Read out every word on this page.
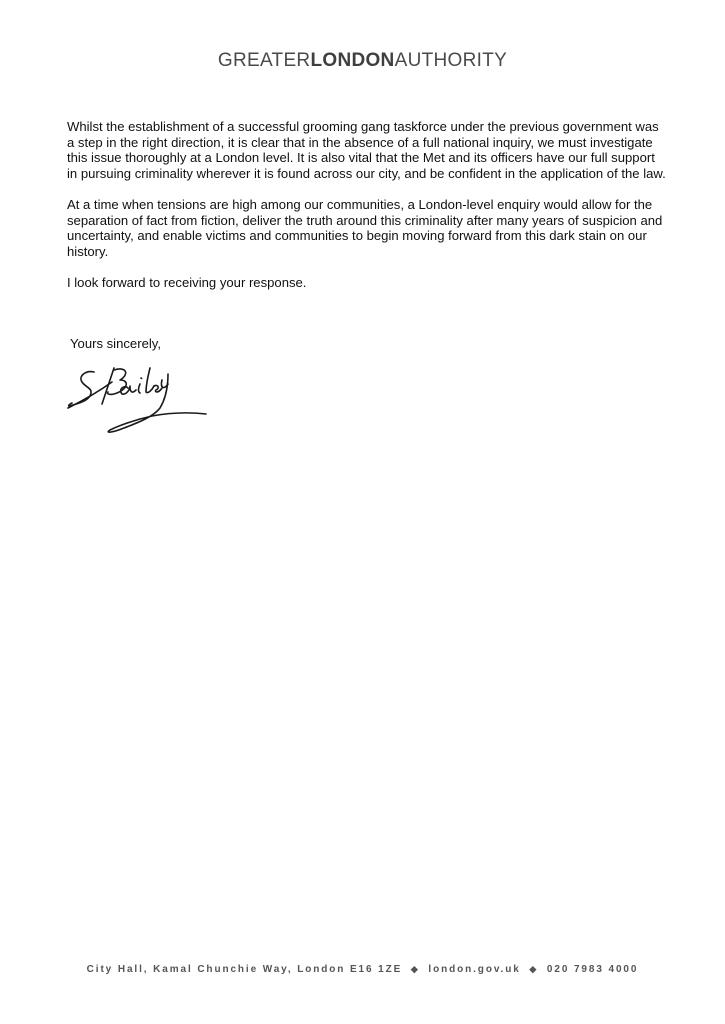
GREATERLONDONAUTHORITY

Whilst the establishment of a successful grooming gang taskforce under the previous government was a step in the right direction, it is clear that in the absence of a full national inquiry, we must investigate this issue thoroughly at a London level. It is also vital that the Met and its officers have our full support in pursuing criminality wherever it is found across our city, and be confident in the application of the law.

At a time when tensions are high among our communities, a London-level enquiry would allow for the separation of fact from fiction, deliver the truth around this criminality after many years of suspicion and uncertainty, and enable victims and communities to begin moving forward from this dark stain on our history.

I look forward to receiving your response.

Yours sincerely,
City Hall, Kamal Chunchie Way, London E16 1ZE ◆ london.gov.uk ◆ 020 7983 4000
